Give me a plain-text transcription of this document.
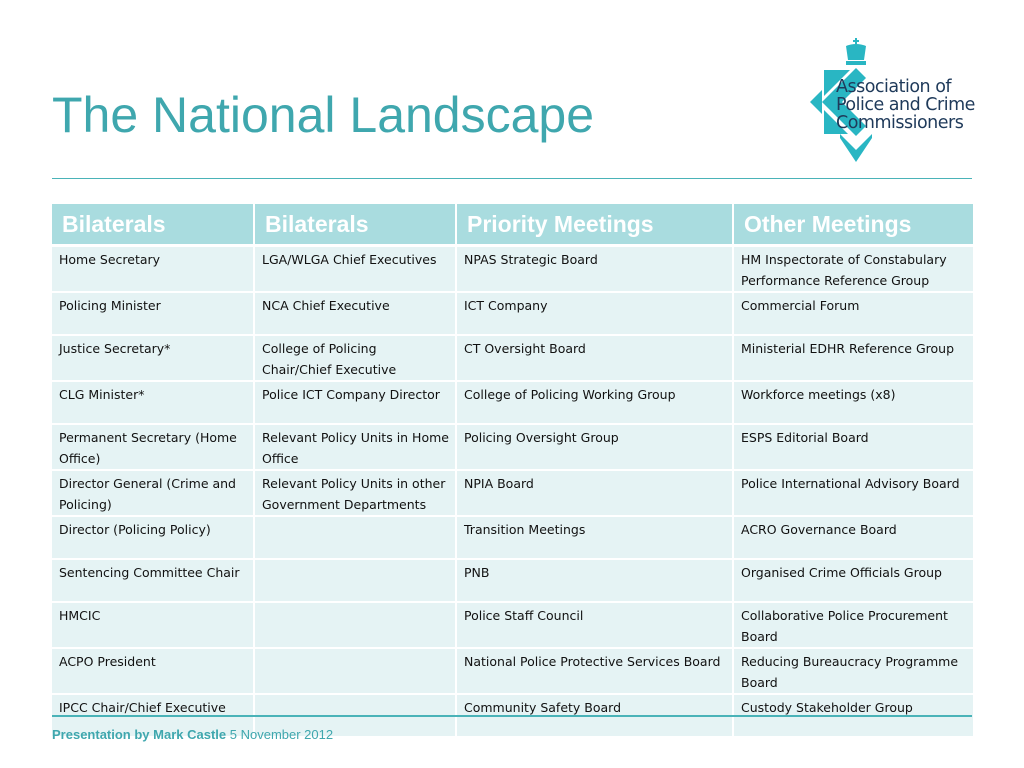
The National Landscape	Association of
Police and Crime
Commissioners
Bilaterals	Bilaterals	Priority Meetings	Other Meetings
Home Secretary	LGA/WLGA Chief Executives	NPAS Strategic Board	HM Inspectorate of Constabulary Performance Reference Group
Policing Minister	NCA Chief Executive	ICT Company	Commercial Forum
Justice Secretary*	College of Policing Chair/Chief Executive	CT Oversight Board	Ministerial EDHR Reference Group
CLG Minister*	Police ICT Company Director	College of Policing Working Group	Workforce meetings (x8)
Permanent Secretary (Home Office)	Relevant Policy Units in Home Office	Policing Oversight Group	ESPS Editorial Board
Director General (Crime and Policing)	Relevant Policy Units in other Government Departments	NPIA Board	Police International Advisory Board
Director (Policing Policy)		Transition Meetings	ACRO Governance Board
Sentencing Committee Chair		PNB	Organised Crime Officials Group
HMCIC		Police Staff Council	Collaborative Police Procurement Board
ACPO President		National Police Protective Services Board	Reducing Bureaucracy Programme Board
IPCC Chair/Chief Executive		Community Safety Board	Custody Stakeholder Group
Presentation by Mark Castle 5 November 2012
